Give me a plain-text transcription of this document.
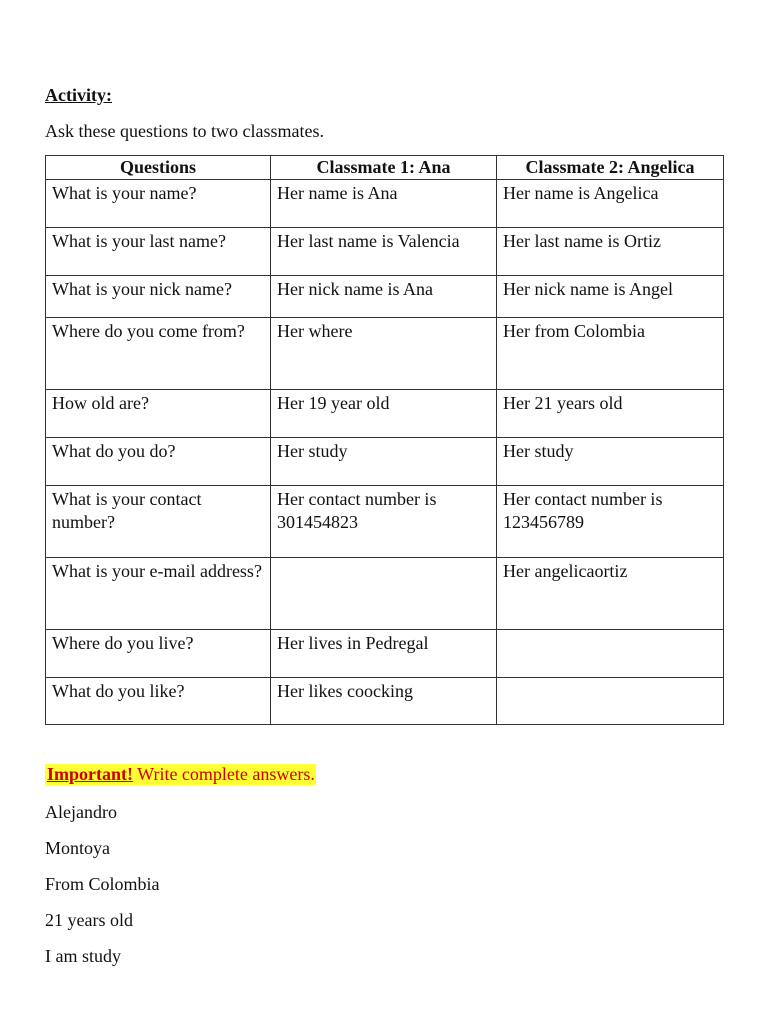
Activity:
Ask these questions to two classmates.
Questions	Classmate 1: Ana	Classmate 2: Angelica
What is your name?	Her name is Ana	Her name is Angelica
What is your last name?	Her last name is Valencia	Her last name is Ortiz
What is your nick name?	Her nick name is Ana	Her nick name is Angel
Where do you come from?	Her where	Her from Colombia
How old are?	Her 19 year old	Her 21 years old
What do you do?	Her study	Her study
What is your contact number?	Her contact number is 301454823	Her contact number is 123456789
What is your e-mail address?		Her angelicaortiz
Where do you live?	Her lives in Pedregal	
What do you like?	Her likes coocking	
Important! Write complete answers.
Alejandro
Montoya
From Colombia
21 years old
I am study
